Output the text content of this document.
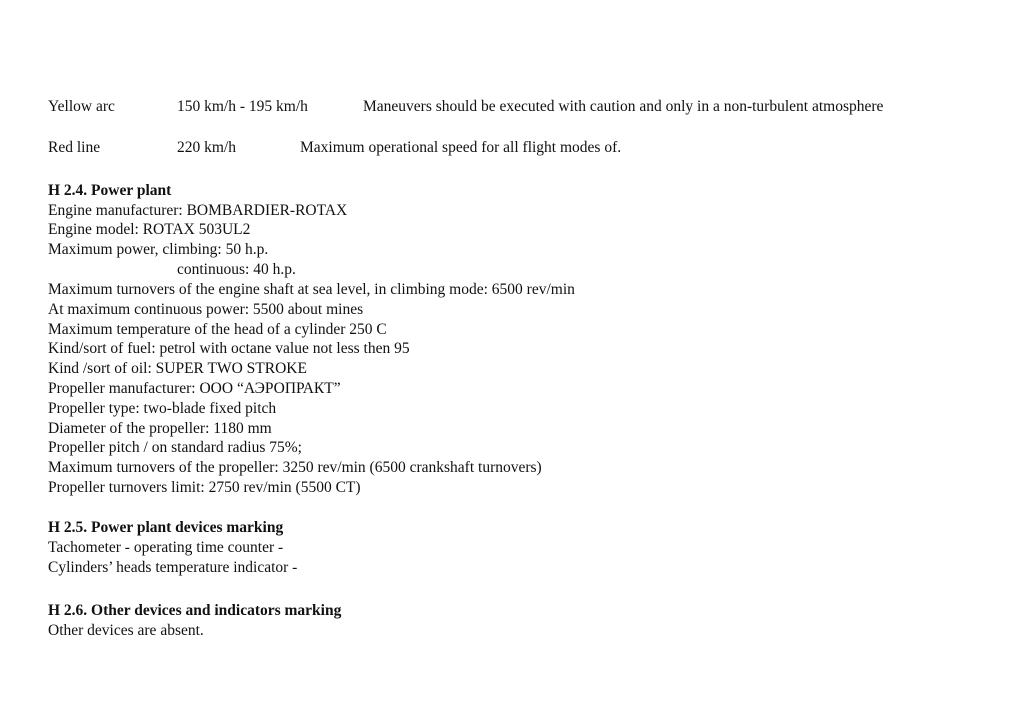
Yellow arc	150 km/h - 195 km/h	Maneuvers should be executed with caution and only in a non-turbulent atmosphere
Red line	220 km/h	Maximum operational speed for all flight modes of.
H 2.4. Power plant
Engine manufacturer: BOMBARDIER-ROTAX
Engine model: ROTAX 503UL2
Maximum power, climbing: 50 h.p.
continuous: 40 h.p.
Maximum turnovers of the engine shaft at sea level, in climbing mode: 6500 rev/min
At maximum continuous power: 5500 about mines
Maximum temperature of the head of a cylinder 250 C
Kind/sort of fuel: petrol with octane value not less then 95
Kind /sort of oil: SUPER TWO STROKE
Propeller manufacturer: ООО “АЭРОПРАКТ”
Propeller type: two-blade fixed pitch
Diameter of the propeller: 1180 mm
Propeller pitch / on standard radius 75%;
Maximum turnovers of the propeller: 3250 rev/min (6500 crankshaft turnovers)
Propeller turnovers limit: 2750 rev/min (5500 CT)
H 2.5. Power plant devices marking
Tachometer - operating time counter -
Cylinders’ heads temperature indicator -
H 2.6. Other devices and indicators marking
Other devices are absent.
